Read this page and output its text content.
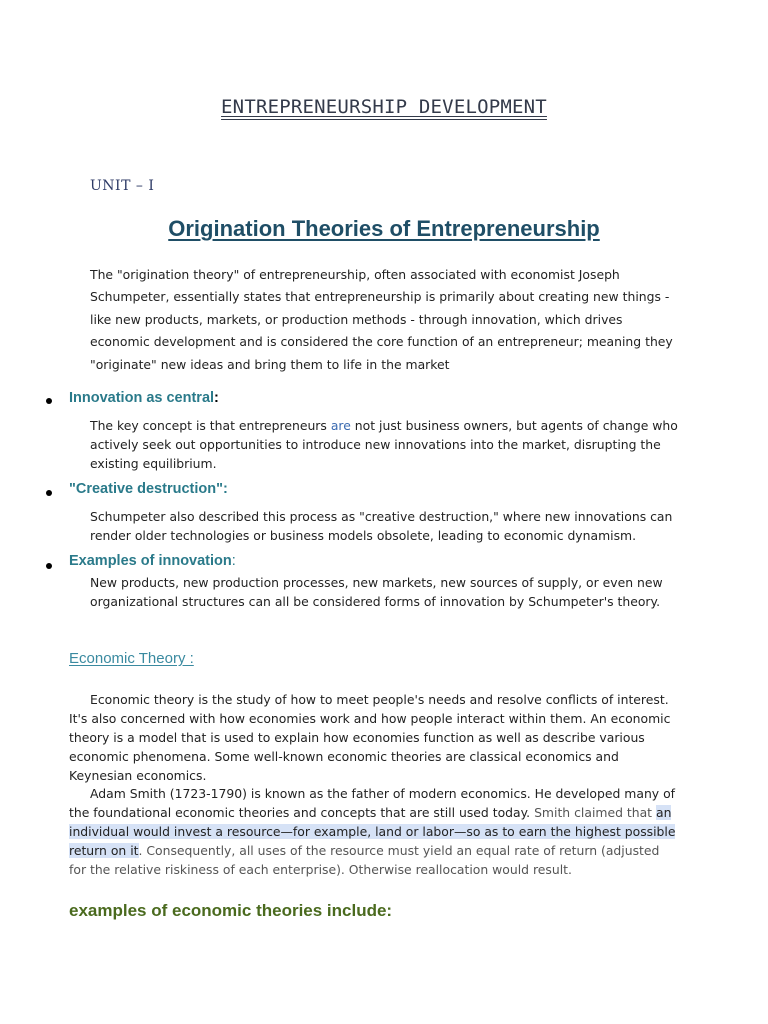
ENTREPRENEURSHIP DEVELOPMENT
UNIT – I
Origination Theories of Entrepreneurship
The "origination theory" of entrepreneurship, often associated with economist Joseph Schumpeter, essentially states that entrepreneurship is primarily about creating new things - like new products, markets, or production methods - through innovation, which drives economic development and is considered the core function of an entrepreneur; meaning they "originate" new ideas and bring them to life in the market
Innovation as central:
The key concept is that entrepreneurs are not just business owners, but agents of change who actively seek out opportunities to introduce new innovations into the market, disrupting the existing equilibrium.
"Creative destruction":
Schumpeter also described this process as "creative destruction," where new innovations can render older technologies or business models obsolete, leading to economic dynamism.
Examples of innovation:
New products, new production processes, new markets, new sources of supply, or even new organizational structures can all be considered forms of innovation by Schumpeter's theory.
Economic Theory :
Economic theory is the study of how to meet people's needs and resolve conflicts of interest. It's also concerned with how economies work and how people interact within them. An economic theory is a model that is used to explain how economies function as well as describe various economic phenomena. Some well-known economic theories are classical economics and Keynesian economics.
Adam Smith (1723-1790) is known as the father of modern economics. He developed many of the foundational economic theories and concepts that are still used today. Smith claimed that an individual would invest a resource—for example, land or labor—so as to earn the highest possible return on it. Consequently, all uses of the resource must yield an equal rate of return (adjusted for the relative riskiness of each enterprise). Otherwise reallocation would result.
examples of economic theories include:
